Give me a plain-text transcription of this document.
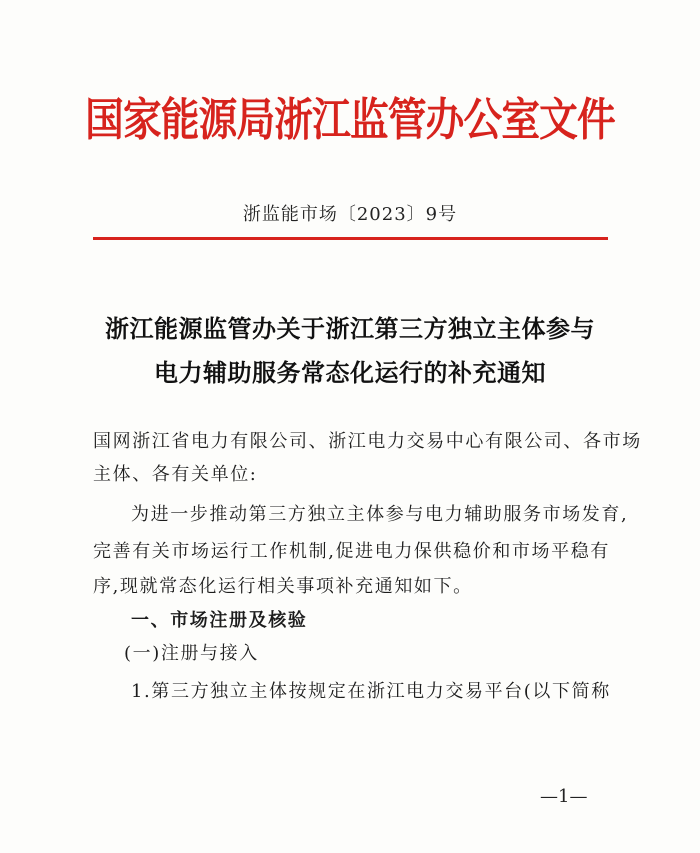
国家能源局浙江监管办公室文件
浙监能市场〔2023〕9号
浙江能源监管办关于浙江第三方独立主体参与
电力辅助服务常态化运行的补充通知
国网浙江省电力有限公司、浙江电力交易中心有限公司、各市场
主体、各有关单位:
为进一步推动第三方独立主体参与电力辅助服务市场发育,
完善有关市场运行工作机制,促进电力保供稳价和市场平稳有
序,现就常态化运行相关事项补充通知如下。
一、市场注册及核验
(一)注册与接入
1.第三方独立主体按规定在浙江电力交易平台(以下简称
—1—
